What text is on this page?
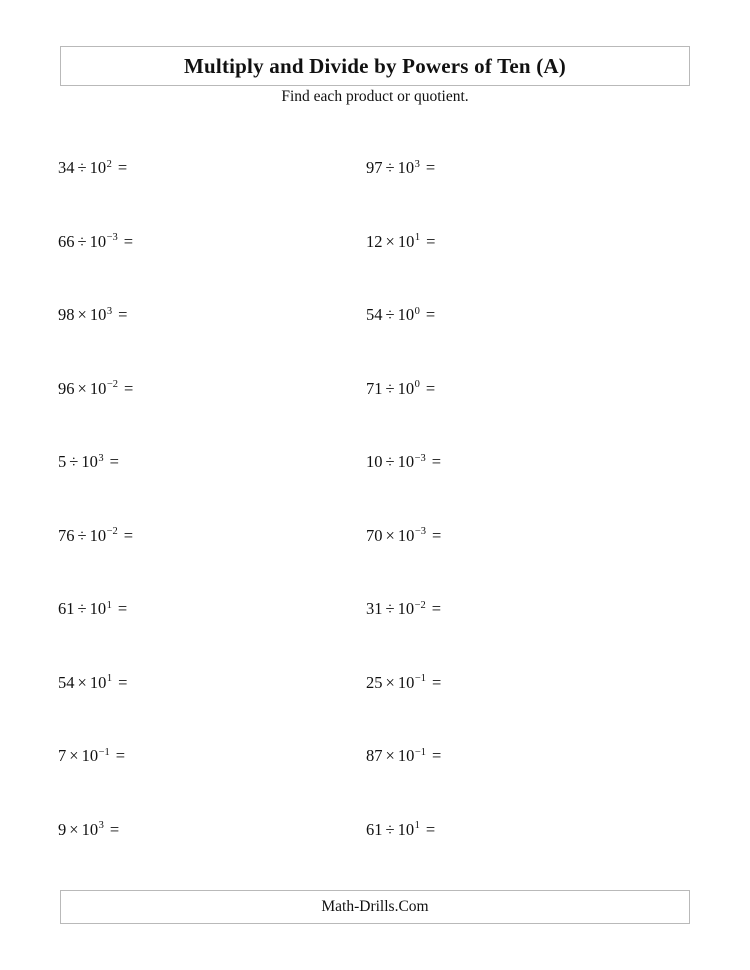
Multiply and Divide by Powers of Ten (A)
Find each product or quotient.
$34 \div 10^2$ =
$66 \div 10^{-3}$ =
$98 \times 10^3$ =
$96 \times 10^{-2}$ =
$5 \div 10^3$ =
$76 \div 10^{-2}$ =
$61 \div 10^1$ =
$54 \times 10^1$ =
$7 \times 10^{-1}$ =
$9 \times 10^3$ =
$97 \div 10^3$ =
$12 \times 10^1$ =
$54 \div 10^0$ =
$71 \div 10^0$ =
$10 \div 10^{-3}$ =
$70 \times 10^{-3}$ =
$31 \div 10^{-2}$ =
$25 \times 10^{-1}$ =
$87 \times 10^{-1}$ =
$61 \div 10^1$ =
Math-Drills.Com
